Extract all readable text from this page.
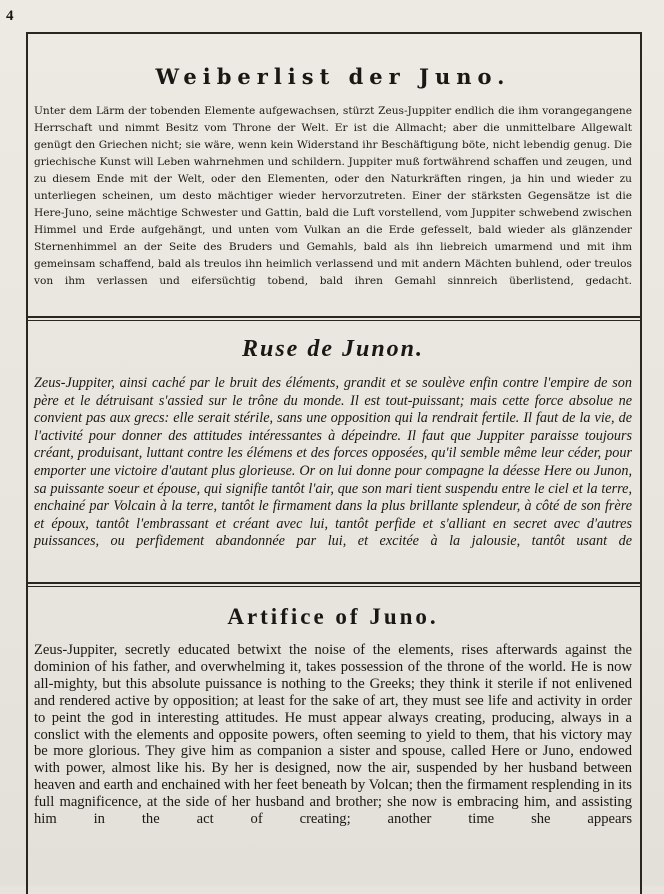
4
Weiberlist der Juno.

Unter dem Lärm der tobenden Elemente aufgewachsen, stürzt Zeus-Juppiter endlich die ihm vorangegangene Herrschaft und nimmt Besitz vom Throne der Welt. Er ist die Allmacht; aber die unmittelbare Allgewalt genügt den Griechen nicht; sie wäre, wenn kein Widerstand ihr Beschäftigung böte, nicht lebendig genug. Die griechische Kunst will Leben wahrnehmen und schildern. Juppiter muß fortwährend schaffen und zeugen, und zu diesem Ende mit der Welt, oder den Elementen, oder den Naturkräften ringen, ja hin und wieder zu unterliegen scheinen, um desto mächtiger wieder hervorzutreten. Einer der stärksten Gegensätze ist die Here-Juno, seine mächtige Schwester und Gattin, bald die Luft vorstellend, vom Juppiter schwebend zwischen Himmel und Erde aufgehängt, und unten vom Vulkan an die Erde gefesselt, bald wieder als glänzender Sternenhimmel an der Seite des Bruders und Gemahls, bald als ihn liebreich umarmend und mit ihm gemeinsam schaffend, bald als treulos ihn heimlich verlassend und mit andern Mächten buhlend, oder treulos von ihm verlassen und eifersüchtig tobend, bald ihren Gemahl sinnreich überlistend, gedacht.

Ruse de Junon.

Zeus-Juppiter, ainsi caché par le bruit des éléments, grandit et se soulève enfin contre l'empire de son père et le détruisant s'assied sur le trône du monde. Il est tout-puissant; mais cette force absolue ne convient pas aux grecs: elle serait stérile, sans une opposition qui la rendrait fertile. Il faut de la vie, de l'activité pour donner des attitudes intéressantes à dépeindre. Il faut que Juppiter paraisse toujours créant, produisant, luttant contre les élémens et des forces opposées, qu'il semble même leur céder, pour emporter une victoire d'autant plus glorieuse. Or on lui donne pour compagne la déesse Here ou Junon, sa puissante soeur et épouse, qui signifie tantôt l'air, que son mari tient suspendu entre le ciel et la terre, enchainé par Volcain à la terre, tantôt le firmament dans la plus brillante splendeur, à côté de son frère et époux, tantôt l'embrassant et créant avec lui, tantôt perfide et s'alliant en secret avec d'autres puissances, ou perfidement abandonnée par lui, et excitée à la jalousie, tantôt usant de

Artifice of Juno.

Zeus-Juppiter, secretly educated betwixt the noise of the elements, rises afterwards against the dominion of his father, and overwhelming it, takes possession of the throne of the world. He is now all-mighty, but this absolute puissance is nothing to the Greeks; they think it sterile if not enlivened and rendered active by opposition; at least for the sake of art, they must see life and activity in order to peint the god in interesting attitudes. He must appear always creating, producing, always in a conslict with the elements and opposite powers, often seeming to yield to them, that his victory may be more glorious. They give him as companion a sister and spouse, called Here or Juno, endowed with power, almost like his. By her is designed, now the air, suspended by her husband between heaven and earth and enchained with her feet beneath by Volcan; then the firmament resplending in its full magnificence, at the side of her husband and brother; she now is embracing him, and assisting him in the act of creating; another time she appears
